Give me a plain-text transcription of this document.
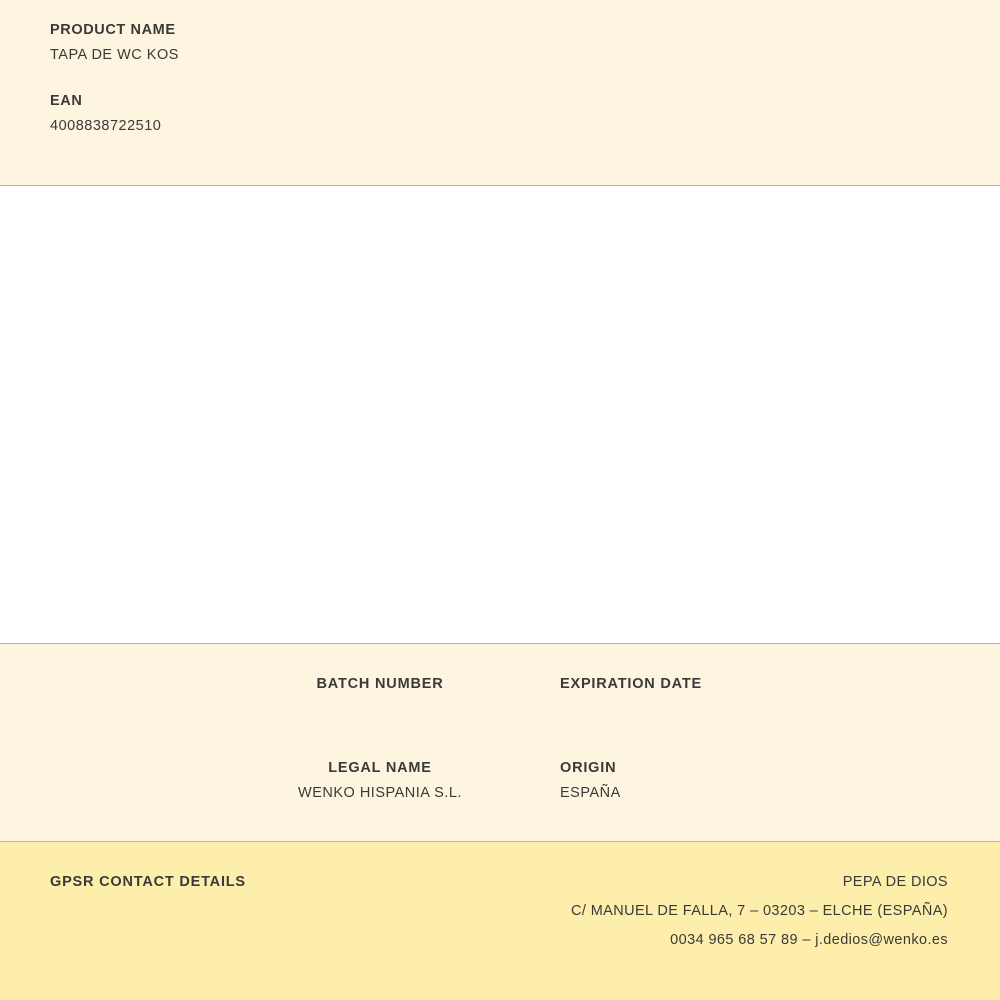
PRODUCT NAME

TAPA DE WC KOS

EAN

4008838722510

BATCH NUMBER	EXPIRATION DATE

LEGAL NAME

WENKO HISPANIA S.L.

ORIGIN

ESPAÑA

GPSR CONTACT DETAILS	PEPA DE DIOS

C/ MANUEL DE FALLA, 7 – 03203 – ELCHE (ESPAÑA)

0034 965 68 57 89 – j.dedios@wenko.es
